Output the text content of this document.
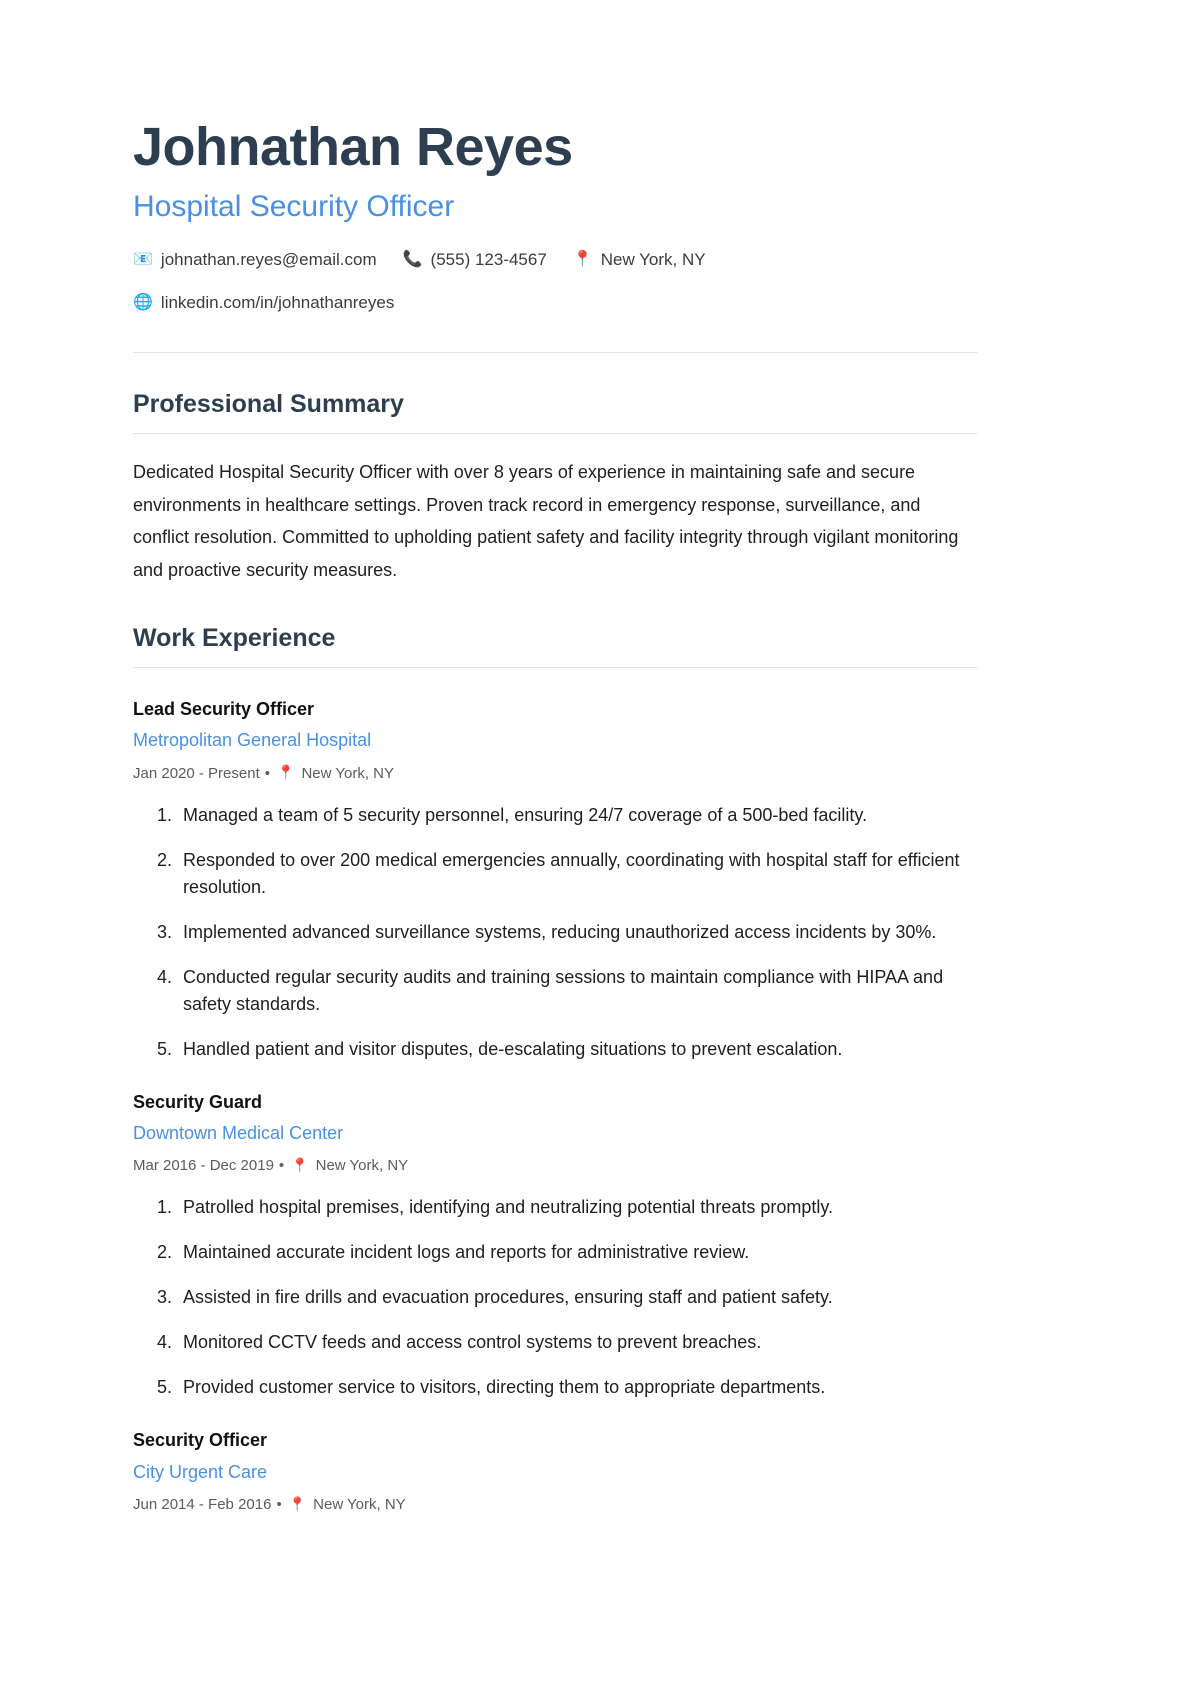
Johnathan Reyes
Hospital Security Officer
📧 johnathan.reyes@email.com 📞 (555) 123-4567 📍 New York, NY
🌐 linkedin.com/in/johnathanreyes
Professional Summary

Dedicated Hospital Security Officer with over 8 years of experience in maintaining safe and secure environments in healthcare settings. Proven track record in emergency response, surveillance, and conflict resolution. Committed to upholding patient safety and facility integrity through vigilant monitoring and proactive security measures.

Work Experience
Lead Security Officer
Metropolitan General Hospital
Jan 2020 - Present • 📍 New York, NY
1. Managed a team of 5 security personnel, ensuring 24/7 coverage of a 500-bed facility.
2. Responded to over 200 medical emergencies annually, coordinating with hospital staff for efficient resolution.
3. Implemented advanced surveillance systems, reducing unauthorized access incidents by 30%.
4. Conducted regular security audits and training sessions to maintain compliance with HIPAA and safety standards.
5. Handled patient and visitor disputes, de-escalating situations to prevent escalation.
Security Guard
Downtown Medical Center
Mar 2016 - Dec 2019 • 📍 New York, NY
1. Patrolled hospital premises, identifying and neutralizing potential threats promptly.
2. Maintained accurate incident logs and reports for administrative review.
3. Assisted in fire drills and evacuation procedures, ensuring staff and patient safety.
4. Monitored CCTV feeds and access control systems to prevent breaches.
5. Provided customer service to visitors, directing them to appropriate departments.
Security Officer
City Urgent Care
Jun 2014 - Feb 2016 • 📍 New York, NY
